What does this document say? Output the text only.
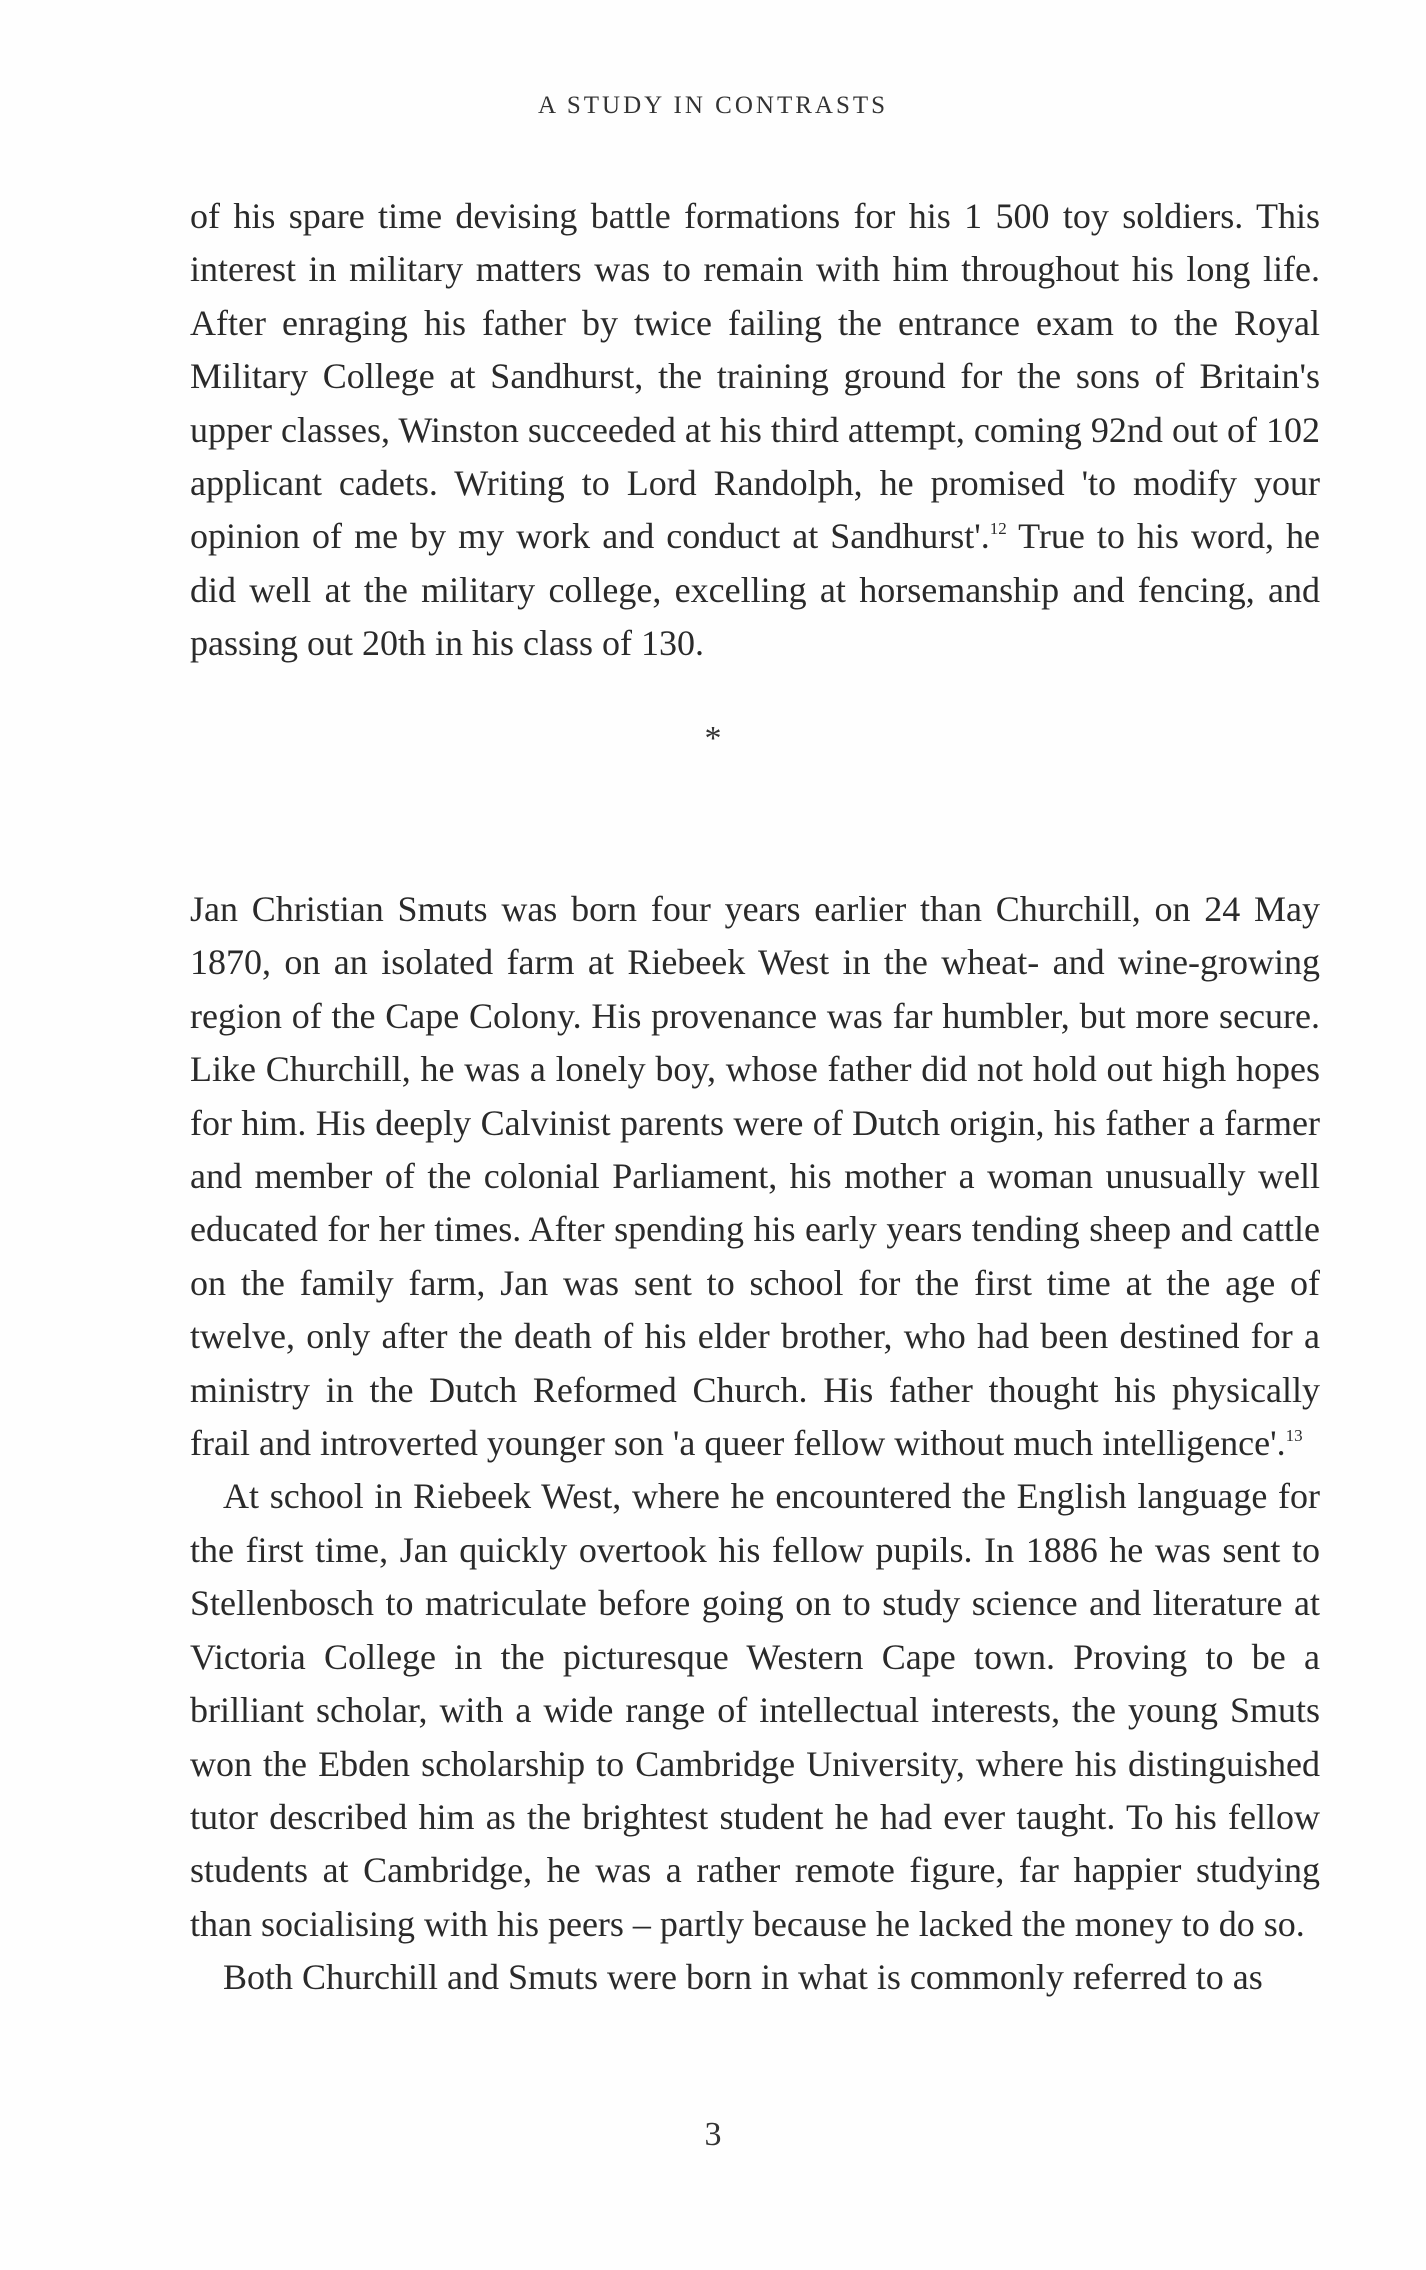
A STUDY IN CONTRASTS

of his spare time devising battle formations for his 1 500 toy soldiers. This interest in military matters was to remain with him throughout his long life. After enraging his father by twice failing the entrance exam to the Royal Military College at Sandhurst, the training ground for the sons of Britain's upper classes, Winston succeeded at his third attempt, coming 92nd out of 102 applicant cadets. Writing to Lord Randolph, he promised 'to modify your opinion of me by my work and conduct at Sandhurst'.$^{12}$ True to his word, he did well at the military college, excelling at horsemanship and fencing, and passing out 20th in his class of 130.

*

Jan Christian Smuts was born four years earlier than Churchill, on 24 May 1870, on an isolated farm at Riebeek West in the wheat- and wine-growing region of the Cape Colony. His provenance was far humbler, but more secure. Like Churchill, he was a lonely boy, whose father did not hold out high hopes for him. His deeply Calvinist parents were of Dutch origin, his father a farmer and member of the colonial Parliament, his mother a woman unusually well educated for her times. After spending his early years tending sheep and cattle on the family farm, Jan was sent to school for the first time at the age of twelve, only after the death of his elder brother, who had been destined for a ministry in the Dutch Reformed Church. His father thought his physically frail and introverted younger son 'a queer fellow without much intelligence'.$^{13}$

At school in Riebeek West, where he encountered the English language for the first time, Jan quickly overtook his fellow pupils. In 1886 he was sent to Stellenbosch to matriculate before going on to study science and literature at Victoria College in the picturesque Western Cape town. Proving to be a brilliant scholar, with a wide range of intellectual interests, the young Smuts won the Ebden scholarship to Cambridge University, where his distinguished tutor described him as the brightest student he had ever taught. To his fellow students at Cambridge, he was a rather remote figure, far happier studying than socialising with his peers – partly because he lacked the money to do so.

Both Churchill and Smuts were born in what is commonly referred to as

3
